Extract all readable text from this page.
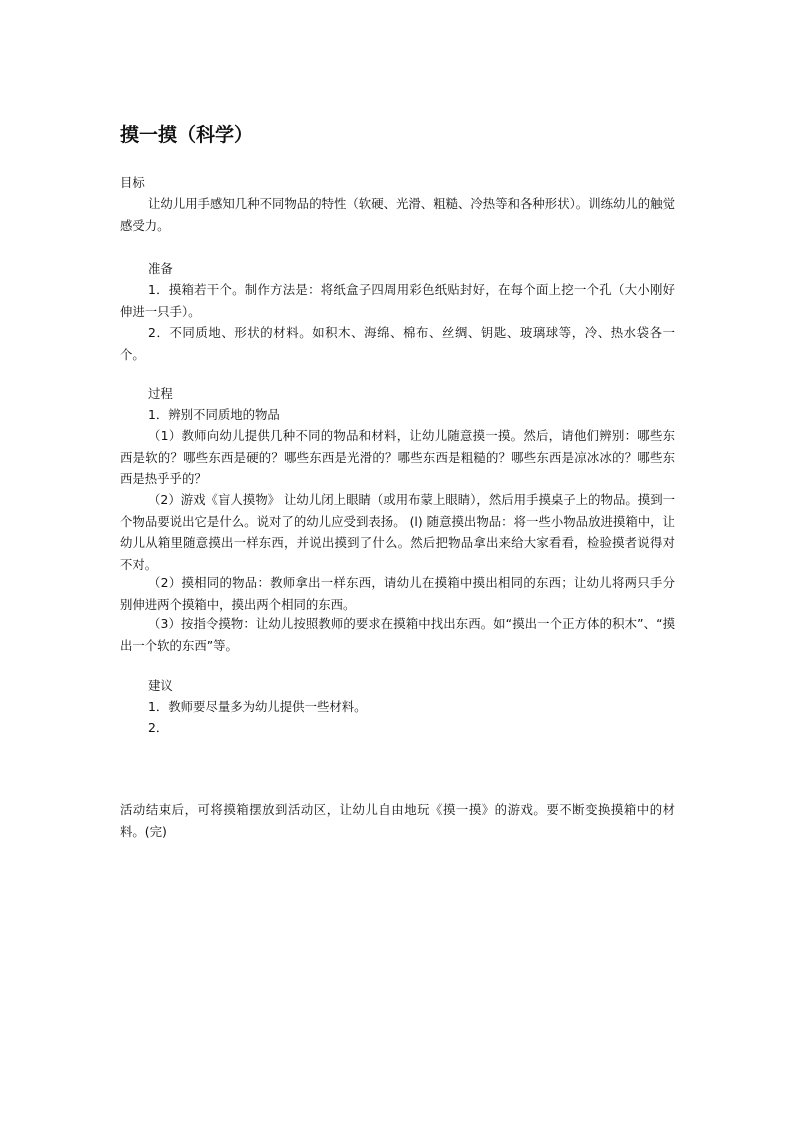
摸一摸（科学）

目标

让幼儿用手感知几种不同物品的特性（软硬、光滑、粗糙、冷热等和各种形状）。训练幼儿的触觉感受力。

准备

1．摸箱若干个。制作方法是：将纸盒子四周用彩色纸贴封好，在每个面上挖一个孔（大小刚好伸进一只手）。

2．不同质地、形状的材料。如积木、海绵、棉布、丝绸、钥匙、玻璃球等，冷、热水袋各一个。

过程

1．辨别不同质地的物品

（1）教师向幼儿提供几种不同的物品和材料，让幼儿随意摸一摸。然后，请他们辨别：哪些东西是软的？哪些东西是硬的？哪些东西是光滑的？哪些东西是粗糙的？哪些东西是凉冰冰的？哪些东西是热乎乎的？

（2）游戏《盲人摸物》 让幼儿闭上眼睛（或用布蒙上眼睛），然后用手摸桌子上的物品。摸到一个物品要说出它是什么。说对了的幼儿应受到表扬。 (l) 随意摸出物品：将一些小物品放进摸箱中，让幼儿从箱里随意摸出一样东西，并说出摸到了什么。然后把物品拿出来给大家看看，检验摸者说得对不对。

（2）摸相同的物品：教师拿出一样东西，请幼儿在摸箱中摸出相同的东西；让幼儿将两只手分别伸进两个摸箱中，摸出两个相同的东西。

（3）按指令摸物：让幼儿按照教师的要求在摸箱中找出东西。如“摸出一个正方体的积木”、“摸出一个软的东西”等。

建议

1．教师要尽量多为幼儿提供一些材料。

2．

活动结束后，可将摸箱摆放到活动区，让幼儿自由地玩《摸一摸》的游戏。要不断变换摸箱中的材料。(完)
